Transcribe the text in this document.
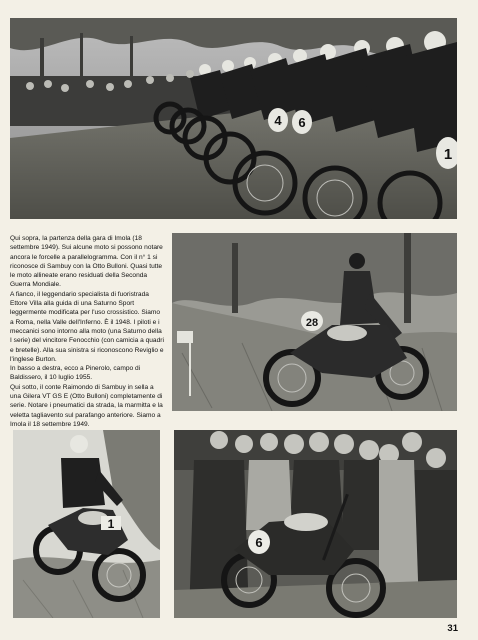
4 6
1

Qui sopra, la partenza della gara di Imola (18 settembre 1949). Sui alcune moto si possono notare ancora le forcelle a parallelogramma. Con il n° 1 si riconosce di Sambuy con la Otto Bulloni. Quasi tutte le moto allineate erano residuati della Seconda Guerra Mondiale.

A fianco, il leggendario specialista di fuoristrada Ettore Villa alla guida di una Saturno Sport leggermente modificata per l'uso crossistico. Siamo a Roma, nella Valle dell'Inferno. È il 1948. I piloti e i meccanici sono intorno alla moto (una Saturno della I serie) del vincitore Fenocchio (con camicia a quadri e bretelle). Alla sua sinistra si riconoscono Reviglio e l'inglese Burton.

In basso a destra, ecco a Pinerolo, campo di Baldissero, il 10 luglio 1955.

Qui sotto, il conte Raimondo di Sambuy in sella a una Gilera VT GS E (Otto Bulloni) completamente di serie. Notare i pneumatici da strada, la marmitta e la veletta tagliavento sul parafango anteriore. Siamo a Imola il 18 settembre 1949.

28
1
6
31
